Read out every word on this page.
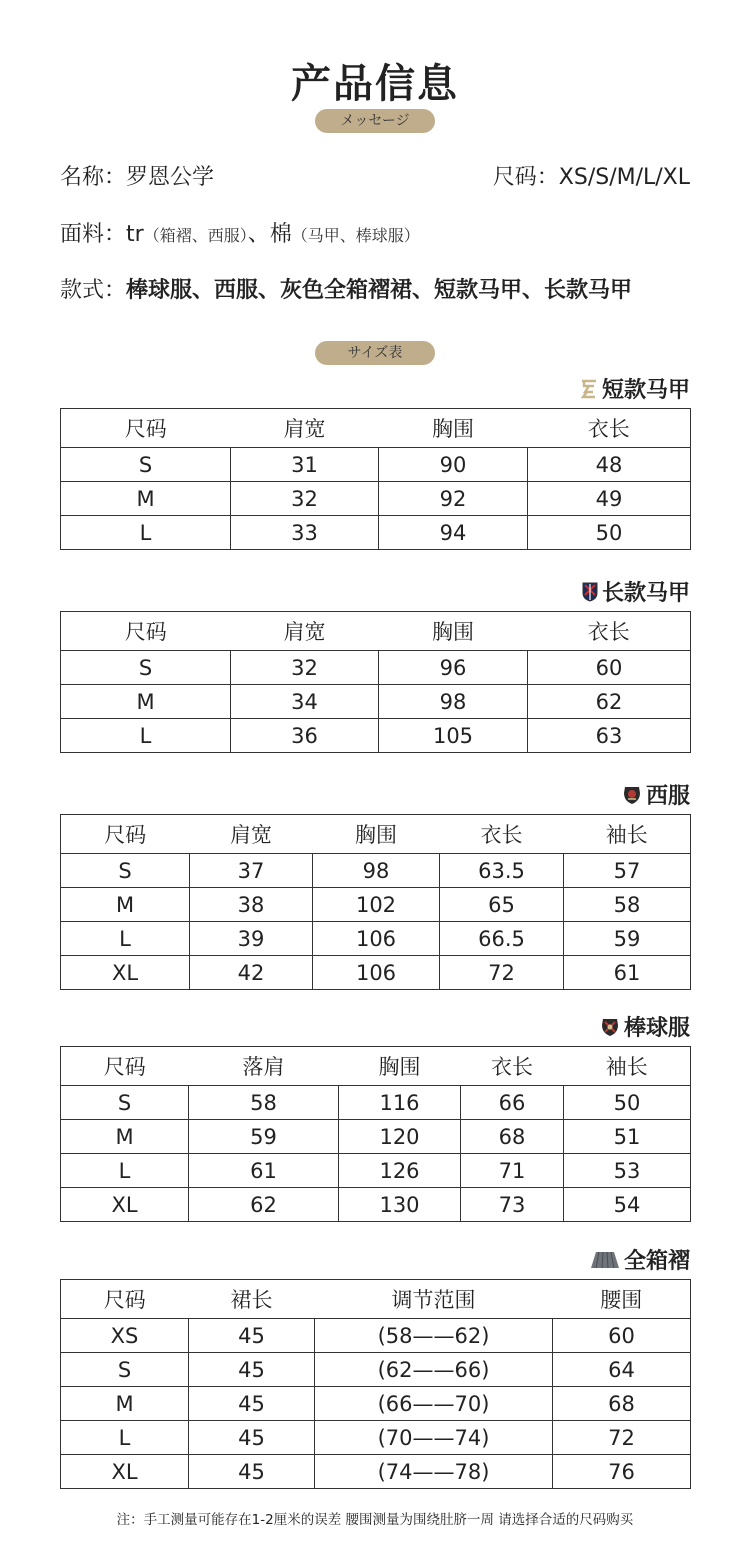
产品信息
メッセージ
名称：罗恩公学	尺码：XS/S/M/L/XL
面料：tr（箱褶、西服）、棉（马甲、棒球服）
款式：棒球服、西服、灰色全箱褶裙、短款马甲、长款马甲
サイズ表
短款马甲
尺码	肩宽	胸围	衣长
S	31	90	48
M	32	92	49
L	33	94	50
长款马甲
尺码	肩宽	胸围	衣长
S	32	96	60
M	34	98	62
L	36	105	63
西服
尺码	肩宽	胸围	衣长	袖长
S	37	98	63.5	57
M	38	102	65	58
L	39	106	66.5	59
XL	42	106	72	61
棒球服
尺码	落肩	胸围	衣长	袖长
S	58	116	66	50
M	59	120	68	51
L	61	126	71	53
XL	62	130	73	54
全箱褶
尺码	裙长	调节范围	腰围
XS	45	(58——62)	60
S	45	(62——66)	64
M	45	(66——70)	68
L	45	(70——74)	72
XL	45	(74——78)	76
注：手工测量可能存在1-2厘米的误差 腰围测量为围绕肚脐一周 请选择合适的尺码购买
